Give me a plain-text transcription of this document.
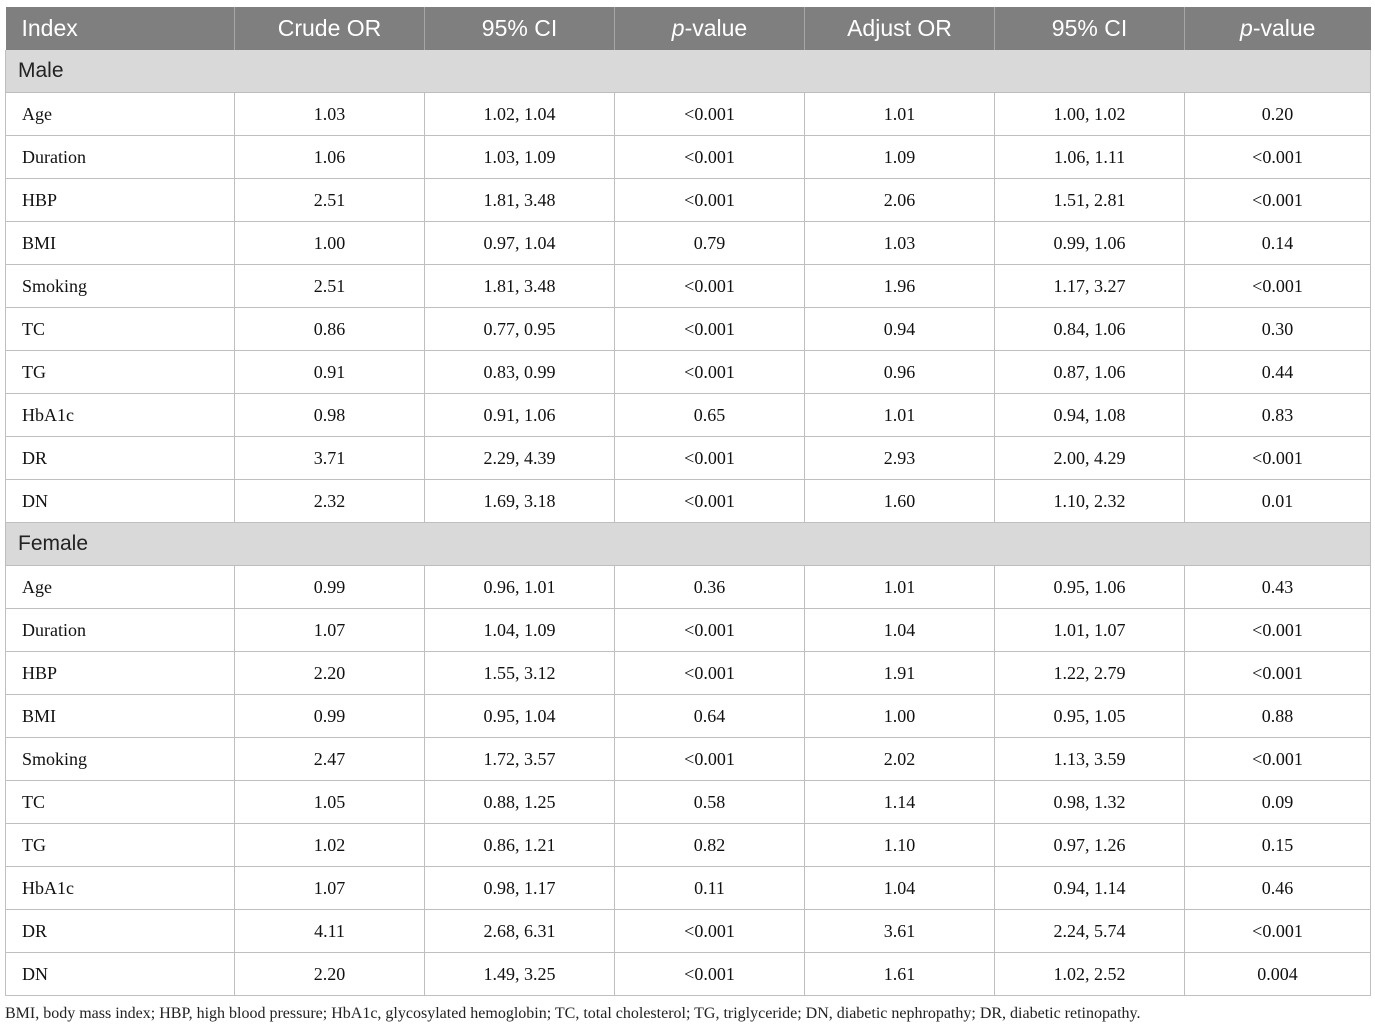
Index	Crude OR	95% CI	p-value	Adjust OR	95% CI	p-value
Male						
Age	1.03	1.02, 1.04	<0.001	1.01	1.00, 1.02	0.20
Duration	1.06	1.03, 1.09	<0.001	1.09	1.06, 1.11	<0.001
HBP	2.51	1.81, 3.48	<0.001	2.06	1.51, 2.81	<0.001
BMI	1.00	0.97, 1.04	0.79	1.03	0.99, 1.06	0.14
Smoking	2.51	1.81, 3.48	<0.001	1.96	1.17, 3.27	<0.001
TC	0.86	0.77, 0.95	<0.001	0.94	0.84, 1.06	0.30
TG	0.91	0.83, 0.99	<0.001	0.96	0.87, 1.06	0.44
HbA1c	0.98	0.91, 1.06	0.65	1.01	0.94, 1.08	0.83
DR	3.71	2.29, 4.39	<0.001	2.93	2.00, 4.29	<0.001
DN	2.32	1.69, 3.18	<0.001	1.60	1.10, 2.32	0.01
Female						
Age	0.99	0.96, 1.01	0.36	1.01	0.95, 1.06	0.43
Duration	1.07	1.04, 1.09	<0.001	1.04	1.01, 1.07	<0.001
HBP	2.20	1.55, 3.12	<0.001	1.91	1.22, 2.79	<0.001
BMI	0.99	0.95, 1.04	0.64	1.00	0.95, 1.05	0.88
Smoking	2.47	1.72, 3.57	<0.001	2.02	1.13, 3.59	<0.001
TC	1.05	0.88, 1.25	0.58	1.14	0.98, 1.32	0.09
TG	1.02	0.86, 1.21	0.82	1.10	0.97, 1.26	0.15
HbA1c	1.07	0.98, 1.17	0.11	1.04	0.94, 1.14	0.46
DR	4.11	2.68, 6.31	<0.001	3.61	2.24, 5.74	<0.001
DN	2.20	1.49, 3.25	<0.001	1.61	1.02, 2.52	0.004
BMI, body mass index; HBP, high blood pressure; HbA1c, glycosylated hemoglobin; TC, total cholesterol; TG, triglyceride; DN, diabetic nephropathy; DR, diabetic retinopathy.
